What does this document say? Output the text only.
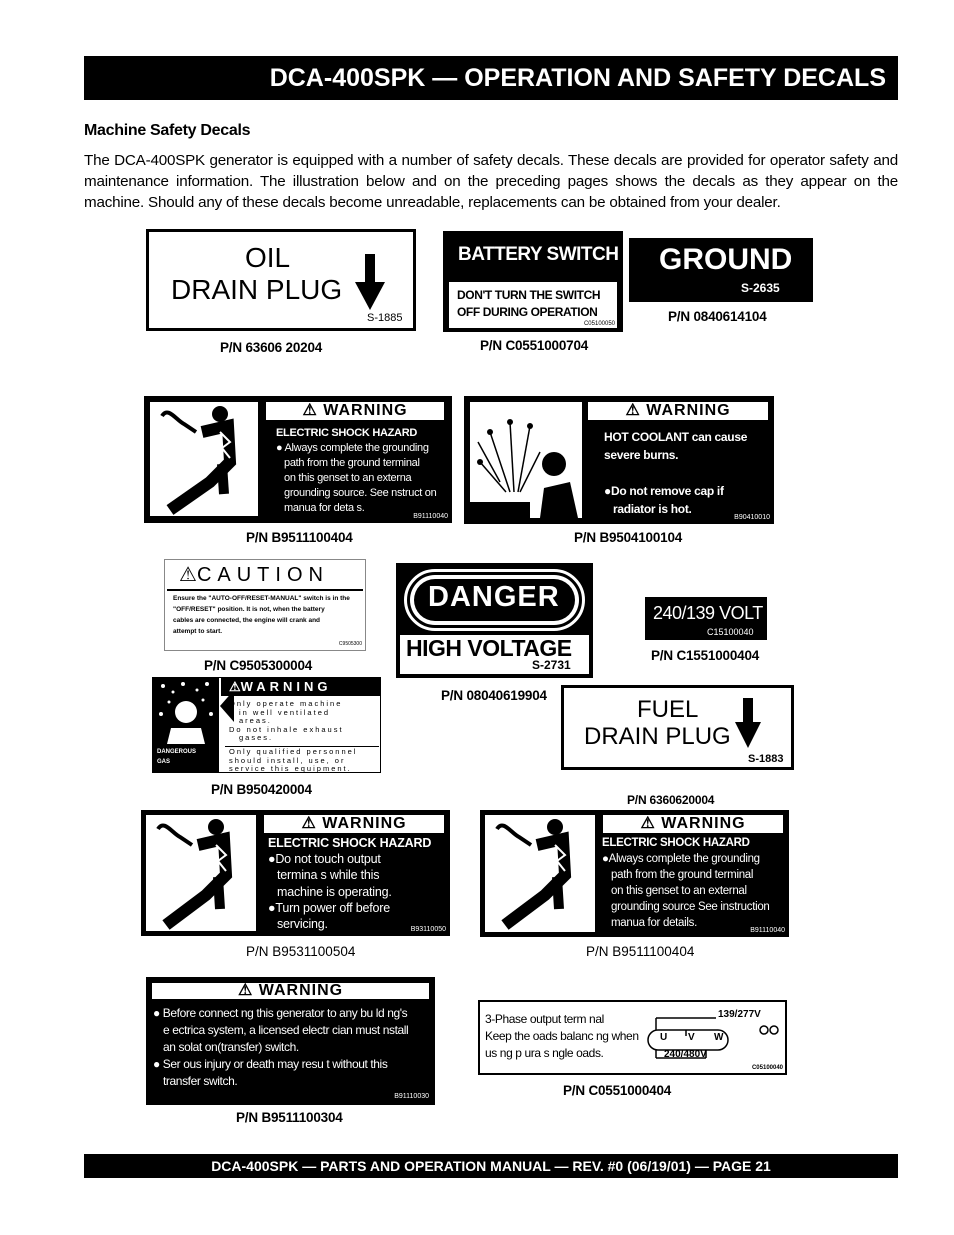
DCA-400SPK — OPERATION AND SAFETY DECALS
Machine Safety Decals
The DCA-400SPK generator is equipped with a number of safety decals. These decals are provided for operator safety and maintenance information. The illustration below and on the preceding pages shows the decals as they appear on the machine. Should any of these decals become unreadable, replacements can be obtained from your dealer.
OIL
DRAIN PLUG
S-1885
P/N 63606 20204
BATTERY SWITCH
DON'T TURN THE SWITCH
OFF DURING OPERATION
C05100050
P/N C0551000704
GROUND
S-2635
P/N 0840614104
⚠ WARNING
ELECTRIC SHOCK HAZARD
● Always complete the grounding
path from the ground terminal
on this genset to an externa
grounding source. See nstruct on
manua for deta s.
B91110040
P/N B9511100404
⚠ WARNING
HOT COOLANT can cause
severe burns.
●Do not remove cap if
radiator is hot.
B90410010
P/N B9504100104
⚠CAUTION
Ensure the "AUTO-OFF/RESET-MANUAL" switch is in the
"OFF/RESET" position. It is not, when the battery
cables are connected, the engine will crank and
attempt to start.
C9505300
P/N C9505300004
DANGER
HIGH VOLTAGE
S-2731
P/N 08040619904
240/139 VOLT
C15100040
P/N C1551000404
DANGEROUS
GAS
⚠WARNING
Only operate machine
in well ventilated
areas.
Do not inhale exhaust
gases.
Only qualified personnel
should install, use, or
service this equipment.
P/N B950420004
FUEL
DRAIN PLUG
S-1883
P/N 6360620004
⚠ WARNING
ELECTRIC SHOCK HAZARD
●Do not touch output
termina s while this
machine is operating.
●Turn power off before
servicing.	B93110050
P/N B9531100504
⚠ WARNING
ELECTRIC SHOCK HAZARD
●Always complete the grounding
path from the ground terminal
on this genset to an external
grounding source See instruction
manua for details.
B91110040
P/N B9511100404
⚠ WARNING
● Before connect ng this generator to any bu ld ng's
e ectrica system, a licensed electr cian must nstall
an solat on(transfer) switch.
● Ser ous injury or death may resu t without this
transfer switch.
B91110030
P/N B9511100304
3-Phase output term nal
Keep the oads balanc ng when
us ng p ura s ngle oads.
139/277V
240/480V
U V W
C05100040
P/N C0551000404
DCA-400SPK — PARTS AND OPERATION MANUAL — REV. #0 (06/19/01) — PAGE 21
